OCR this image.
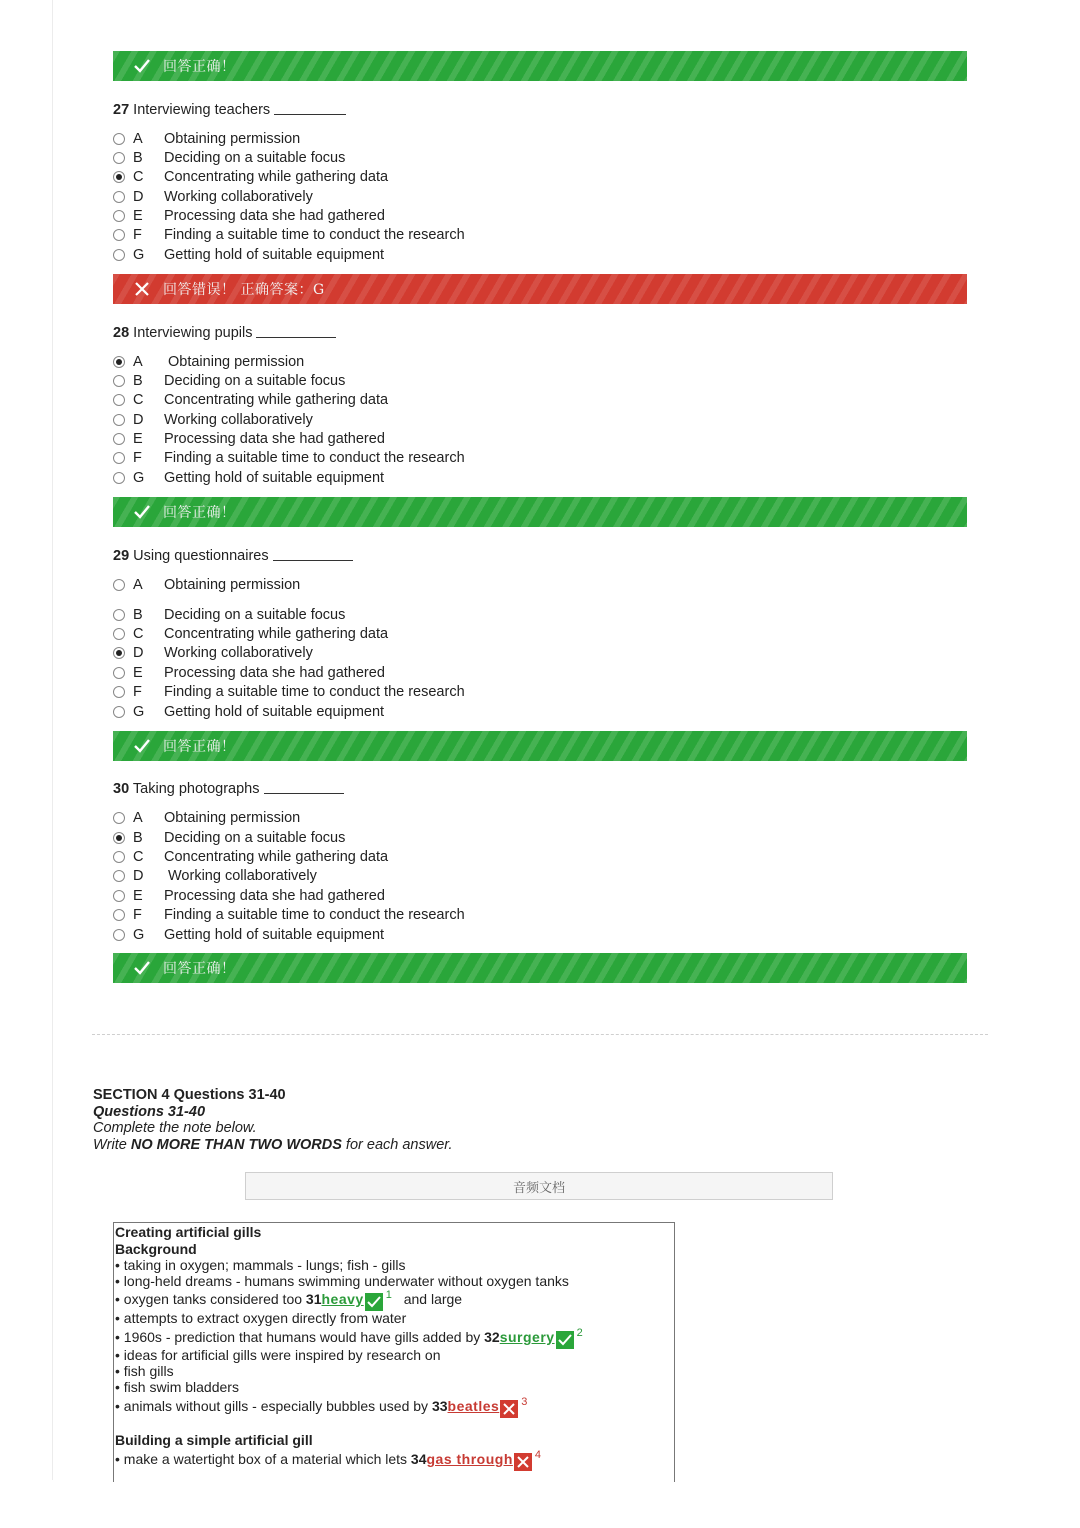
回答正确！
27 Interviewing teachers
A	Obtaining permission
B	Deciding on a suitable focus
C	Concentrating while gathering data
D	Working collaboratively
E	Processing data she had gathered
F	Finding a suitable time to conduct the research
G	Getting hold of suitable equipment
回答错误！ 正确答案：G
28 Interviewing pupils
A	Obtaining permission
B	Deciding on a suitable focus
C	Concentrating while gathering data
D	Working collaboratively
E	Processing data she had gathered
F	Finding a suitable time to conduct the research
G	Getting hold of suitable equipment
回答正确！
29 Using questionnaires
A	Obtaining permission
B	Deciding on a suitable focus
C	Concentrating while gathering data
D	Working collaboratively
E	Processing data she had gathered
F	Finding a suitable time to conduct the research
G	Getting hold of suitable equipment
回答正确！
30 Taking photographs
A	Obtaining permission
B	Deciding on a suitable focus
C	Concentrating while gathering data
D	Working collaboratively
E	Processing data she had gathered
F	Finding a suitable time to conduct the research
G	Getting hold of suitable equipment
回答正确！
SECTION 4 Questions 31-40
Questions 31-40
Complete the note below.
Write NO MORE THAN TWO WORDS for each answer.
音频文档
Creating artificial gills
Background
• taking in oxygen; mammals - lungs; fish - gills
• long-held dreams - humans swimming underwater without oxygen tanks
• oxygen tanks considered too 31heavy $^1$ and large
• attempts to extract oxygen directly from water
• 1960s - prediction that humans would have gills added by 32surgery $^2$
• ideas for artificial gills were inspired by research on
• fish gills
• fish swim bladders
• animals without gills - especially bubbles used by 33beatles $^3$
Building a simple artificial gill
• make a watertight box of a material which lets 34gas through $^4$
